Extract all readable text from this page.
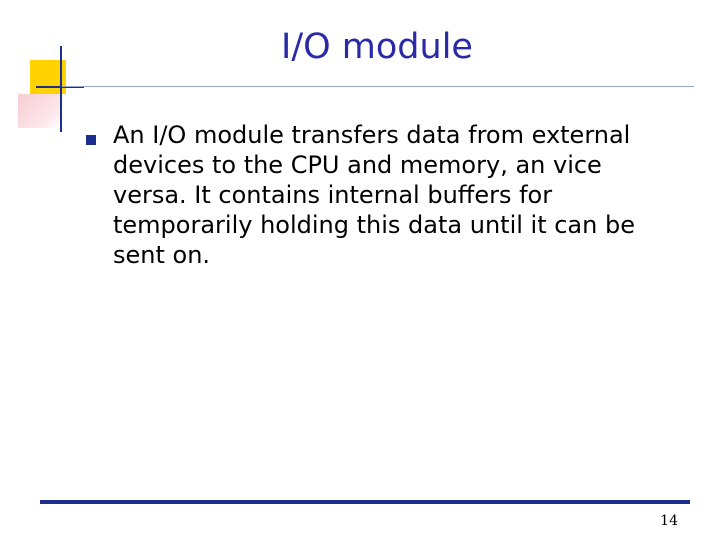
I/O module
An I/O module transfers data from external devices to the CPU and memory, an vice versa. It contains internal buffers for temporarily holding this data until it can be sent on.
14
